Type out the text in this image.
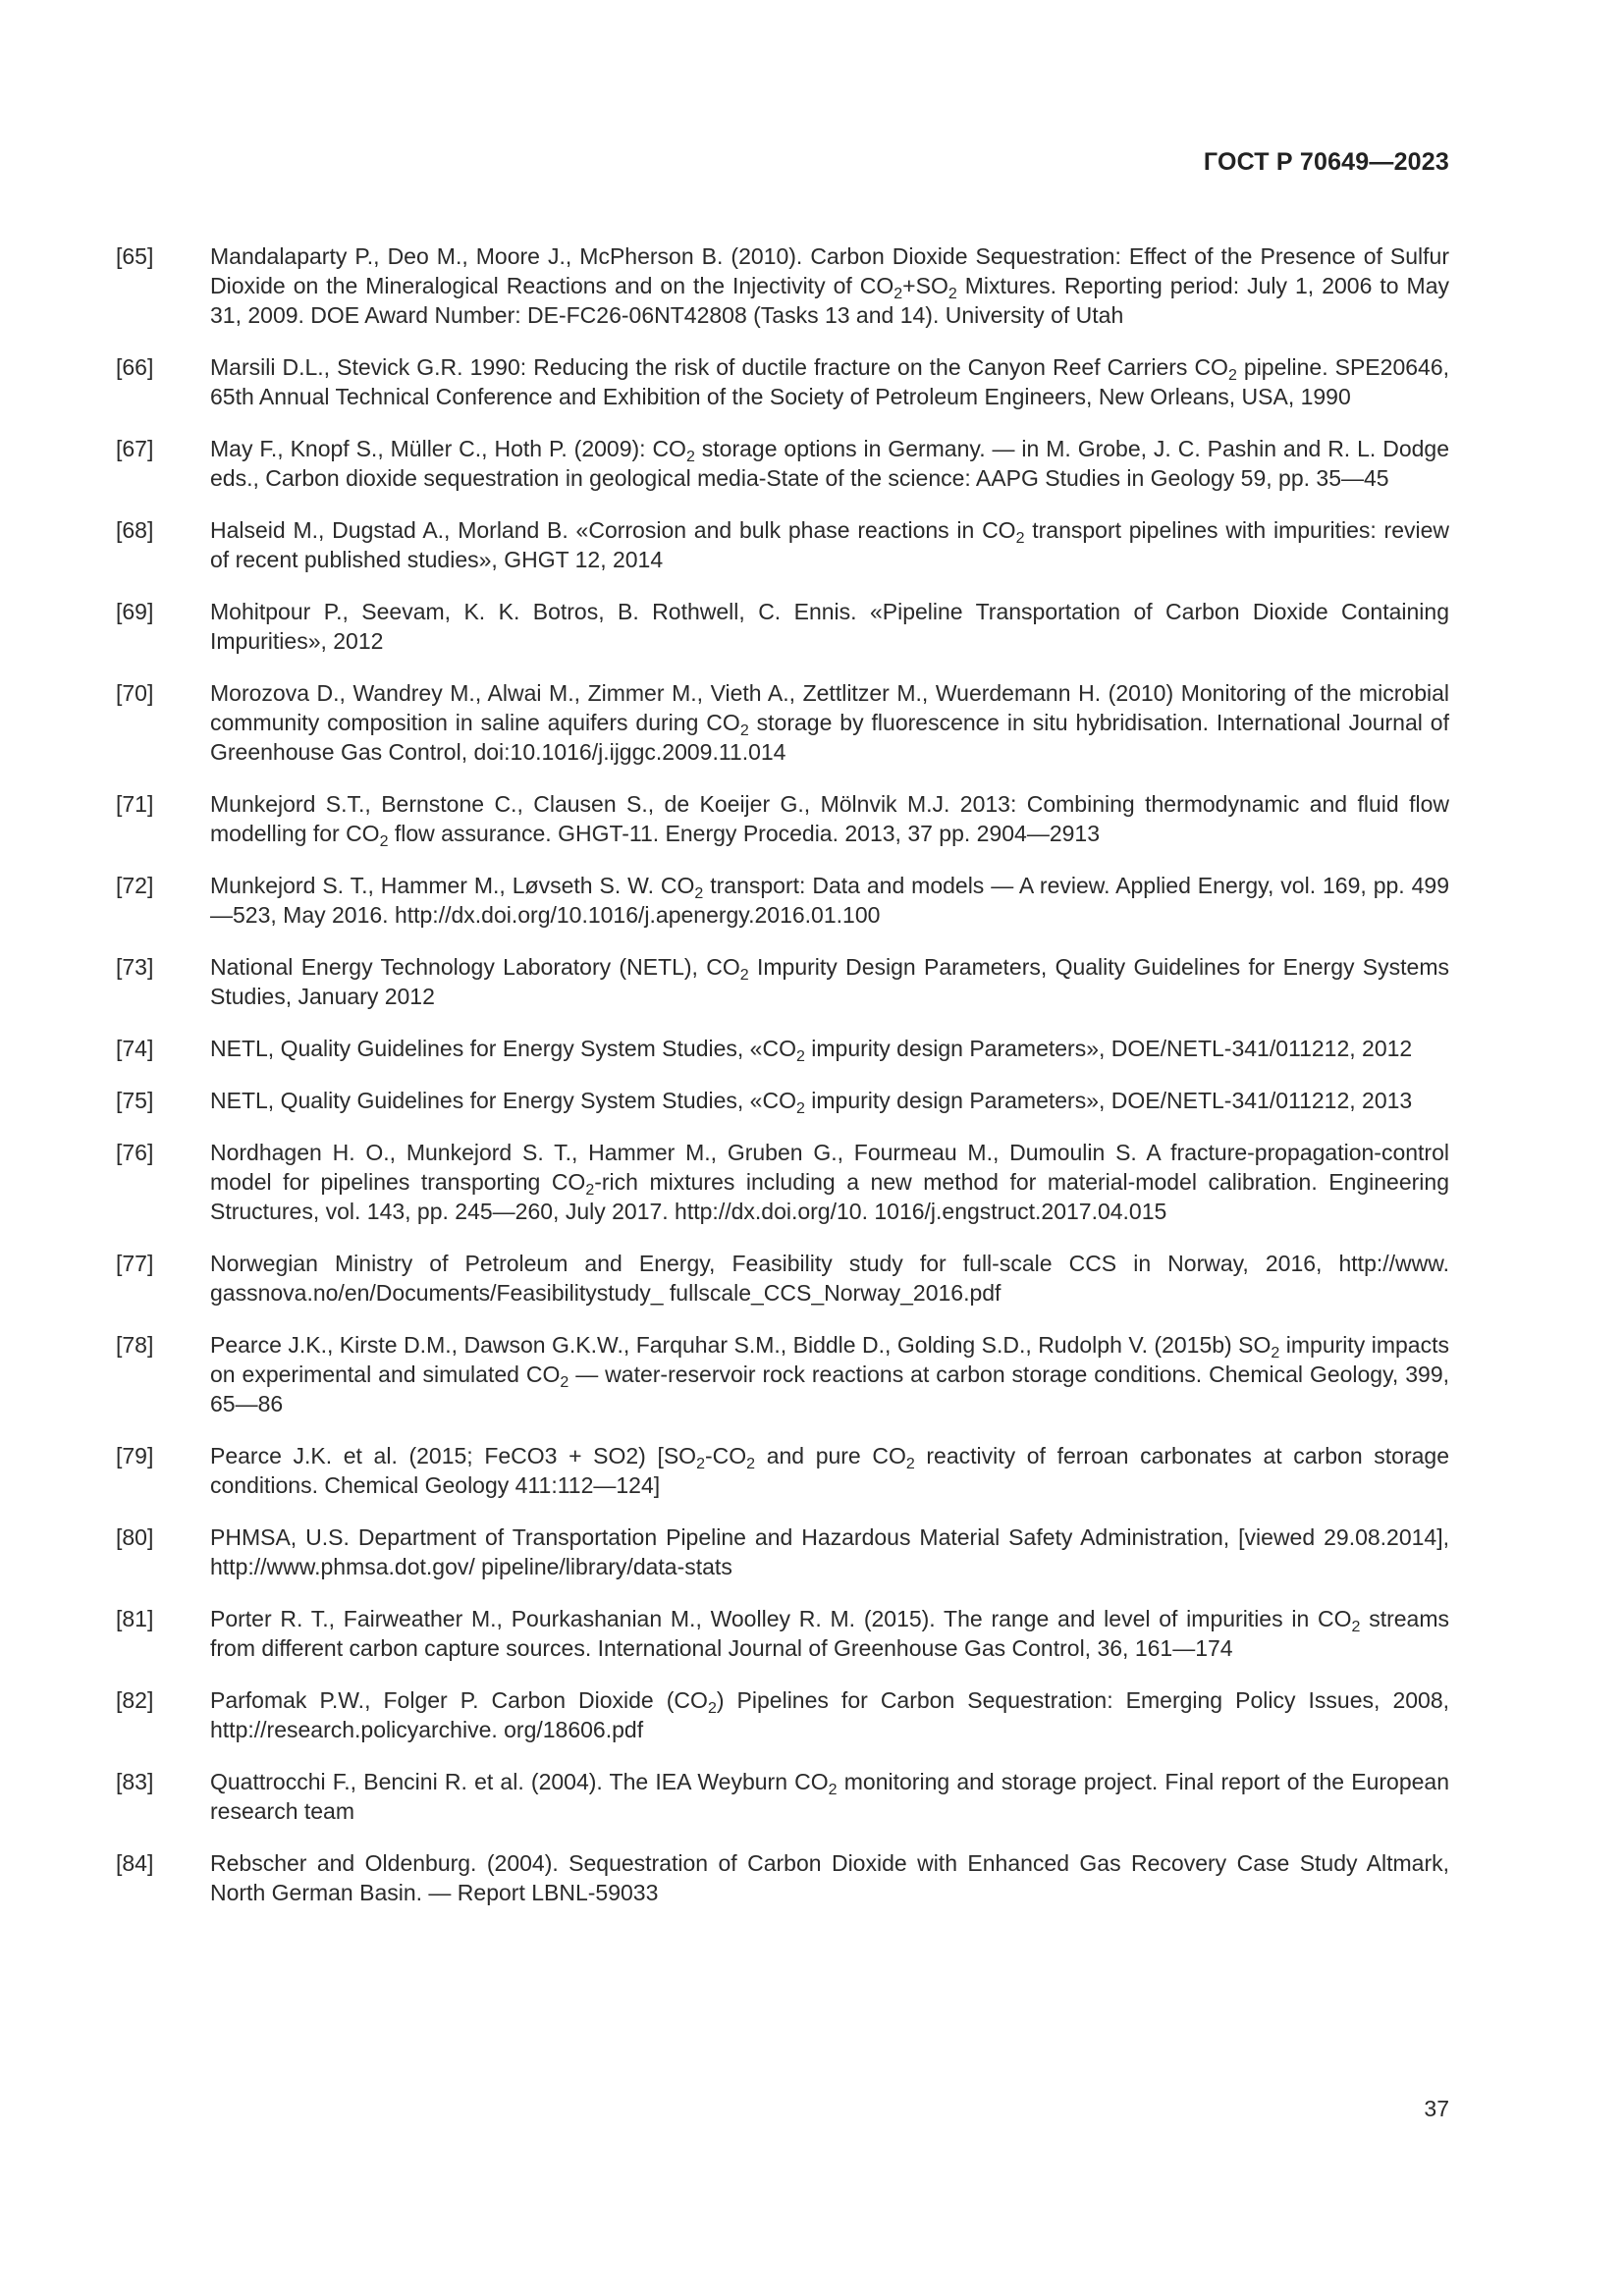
ГОСТ Р 70649—2023
[65]	Mandalaparty P., Deo M., Moore J., McPherson B. (2010). Carbon Dioxide Sequestration: Effect of the Presence of Sulfur Dioxide on the Mineralogical Reactions and on the Injectivity of $CO_2+SO_2$ Mixtures. Reporting period: July 1, 2006 to May 31, 2009. DOE Award Number: DE-FC26-06NT42808 (Tasks 13 and 14). University of Utah
[66]	Marsili D.L., Stevick G.R. 1990: Reducing the risk of ductile fracture on the Canyon Reef Carriers $CO_2$ pipeline. SPE20646, 65th Annual Technical Conference and Exhibition of the Society of Petroleum Engineers, New Orleans, USA, 1990
[67]	May F., Knopf S., Müller C., Hoth P. (2009): $CO_2$ storage options in Germany. — in M. Grobe, J. C. Pashin and R. L. Dodge eds., Carbon dioxide sequestration in geological media-State of the science: AAPG Studies in Geology 59, pp. 35—45
[68]	Halseid M., Dugstad A., Morland B. «Corrosion and bulk phase reactions in $CO_2$ transport pipelines with impurities: review of recent published studies», GHGT 12, 2014
[69]	Mohitpour P., Seevam, K. K. Botros, B. Rothwell, C. Ennis. «Pipeline Transportation of Carbon Dioxide Containing Impurities», 2012
[70]	Morozova D., Wandrey M., Alwai M., Zimmer M., Vieth A., Zettlitzer M., Wuerdemann H. (2010) Monitoring of the microbial community composition in saline aquifers during $CO_2$ storage by fluorescence in situ hybridisation. International Journal of Greenhouse Gas Control, doi:10.1016/j.ijggc.2009.11.014
[71]	Munkejord S.T., Bernstone C., Clausen S., de Koeijer G., Mölnvik M.J. 2013: Combining thermodynamic and fluid flow modelling for $CO_2$ flow assurance. GHGT-11. Energy Procedia. 2013, 37 pp. 2904—2913
[72]	Munkejord S. T., Hammer M., Løvseth S. W. $CO_2$ transport: Data and models — A review. Applied Energy, vol. 169, pp. 499—523, May 2016. http://dx.doi.org/10.1016/j.apenergy.2016.01.100
[73]	National Energy Technology Laboratory (NETL), $CO_2$ Impurity Design Parameters, Quality Guidelines for Energy Systems Studies, January 2012
[74]	NETL, Quality Guidelines for Energy System Studies, «$CO_2$ impurity design Parameters», DOE/NETL-341/011212, 2012
[75]	NETL, Quality Guidelines for Energy System Studies, «$CO_2$ impurity design Parameters», DOE/NETL-341/011212, 2013
[76]	Nordhagen H. O., Munkejord S. T., Hammer M., Gruben G., Fourmeau M., Dumoulin S. A fracture-propagation-control model for pipelines transporting $CO_2$-rich mixtures including a new method for material-model calibration. Engineering Structures, vol. 143, pp. 245—260, July 2017. http://dx.doi.org/10. 1016/j.engstruct.2017.04.015
[77]	Norwegian Ministry of Petroleum and Energy, Feasibility study for full-scale CCS in Norway, 2016, http://www. gassnova.no/en/Documents/Feasibilitystudy_ fullscale_CCS_Norway_2016.pdf
[78]	Pearce J.K., Kirste D.M., Dawson G.K.W., Farquhar S.M., Biddle D., Golding S.D., Rudolph V. (2015b) $SO_2$ impurity impacts on experimental and simulated $CO_2$ — water-reservoir rock reactions at carbon storage conditions. Chemical Geology, 399, 65—86
[79]	Pearce J.K. et al. (2015; FeCO3 + SO2) [$SO_2-CO_2$ and pure $CO_2$ reactivity of ferroan carbonates at carbon storage conditions. Chemical Geology 411:112—124]
[80]	PHMSA, U.S. Department of Transportation Pipeline and Hazardous Material Safety Administration, [viewed 29.08.2014], http://www.phmsa.dot.gov/ pipeline/library/data-stats
[81]	Porter R. T., Fairweather M., Pourkashanian M., Woolley R. M. (2015). The range and level of impurities in $CO_2$ streams from different carbon capture sources. International Journal of Greenhouse Gas Control, 36, 161—174
[82]	Parfomak P.W., Folger P. Carbon Dioxide $(CO_2)$ Pipelines for Carbon Sequestration: Emerging Policy Issues, 2008, http://research.policyarchive. org/18606.pdf
[83]	Quattrocchi F., Bencini R. et al. (2004). The IEA Weyburn $CO_2$ monitoring and storage project. Final report of the European research team
[84]	Rebscher and Oldenburg. (2004). Sequestration of Carbon Dioxide with Enhanced Gas Recovery Case Study Altmark, North German Basin. — Report LBNL-59033
37
